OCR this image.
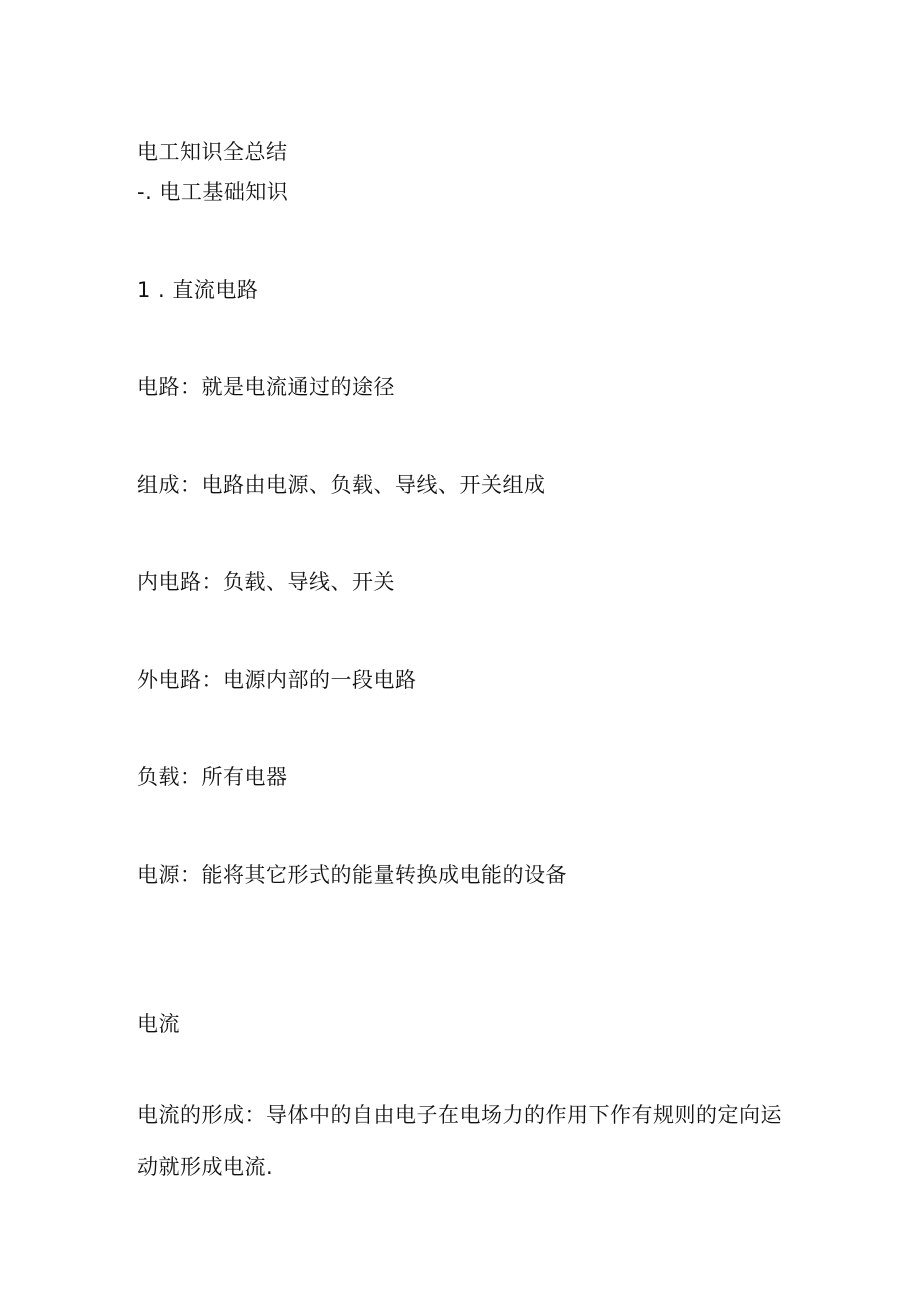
电工知识全总结
-. 电工基础知识
1 . 直流电路
电路：就是电流通过的途径
组成：电路由电源、负载、导线、开关组成
内电路：负载、导线、开关
外电路：电源内部的一段电路
负载：所有电器
电源：能将其它形式的能量转换成电能的设备
电流
电流的形成：导体中的自由电子在电场力的作用下作有规则的定向运动就形成电流.
